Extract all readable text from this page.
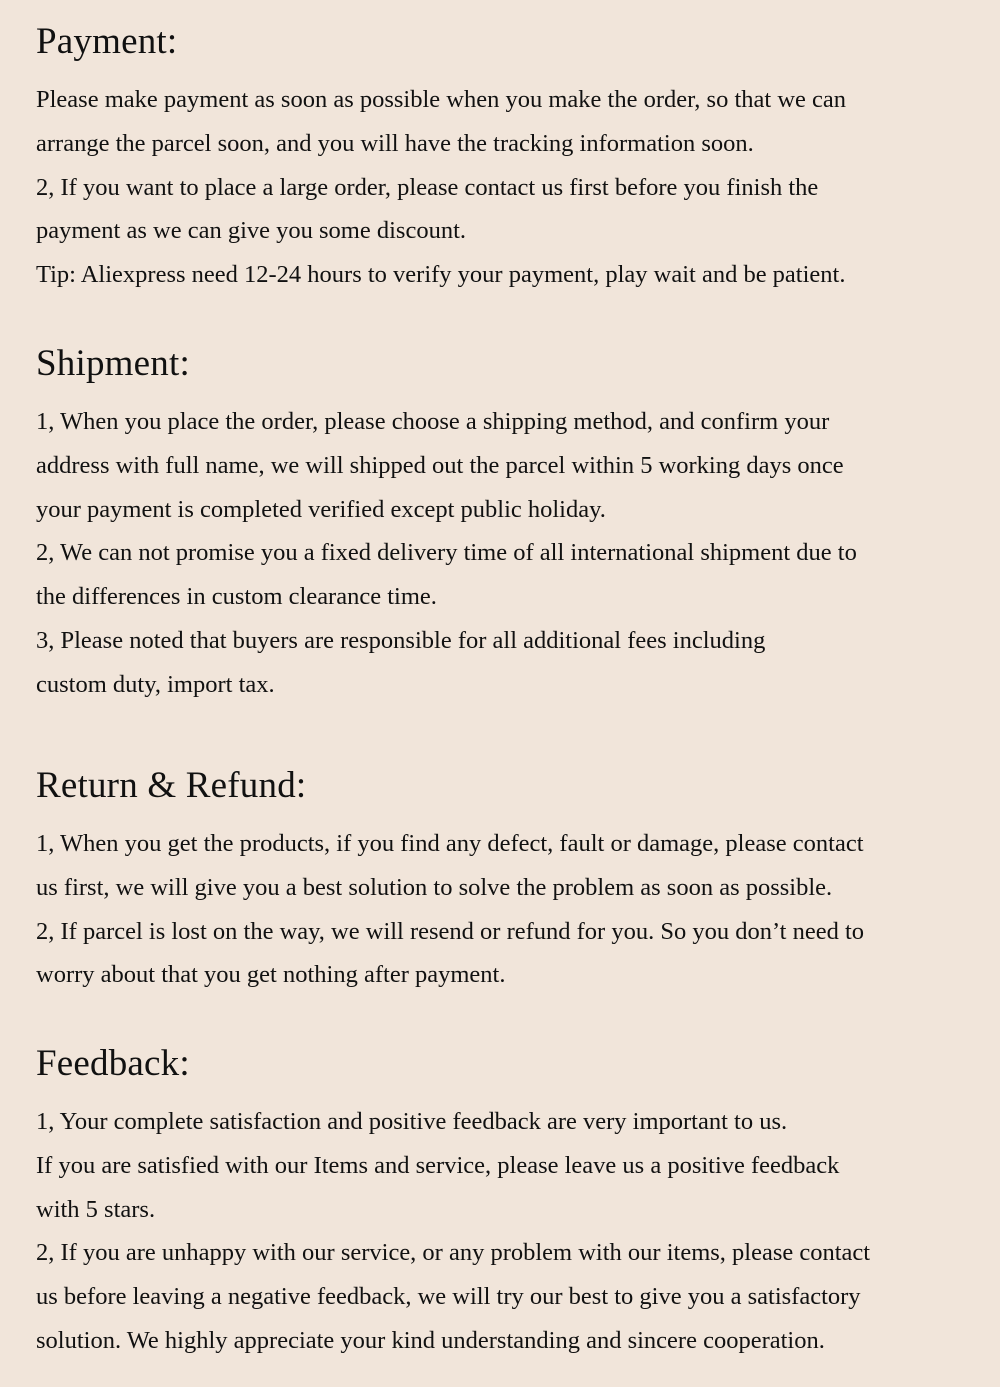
Payment:
Please make payment as soon as possible when you make the order, so that we can
arrange the parcel soon, and you will have the tracking information soon.
2, If you want to place a large order, please contact us first before you finish the
payment as we can give you some discount.
Tip: Aliexpress need 12-24 hours to verify your payment, play wait and be patient.
Shipment:
1, When you place the order, please choose a shipping method, and confirm your
address with full name, we will shipped out the parcel within 5 working days once
your payment is completed verified except public holiday.
2, We can not promise you a fixed delivery time of all international shipment due to
the differences in custom clearance time.
3, Please noted that buyers are responsible for all additional fees including
custom duty, import tax.
Return & Refund:
1, When you get the products, if you find any defect, fault or damage, please contact
us first, we will give you a best solution to solve the problem as soon as possible.
2, If parcel is lost on the way, we will resend or refund for you. So you don’t need to
worry about that you get nothing after payment.
Feedback:
1, Your complete satisfaction and positive feedback are very important to us.
If you are satisfied with our Items and service, please leave us a positive feedback
with 5 stars.
2, If you are unhappy with our service, or any problem with our items, please contact
us before leaving a negative feedback, we will try our best to give you a satisfactory
solution. We highly appreciate your kind understanding and sincere cooperation.
